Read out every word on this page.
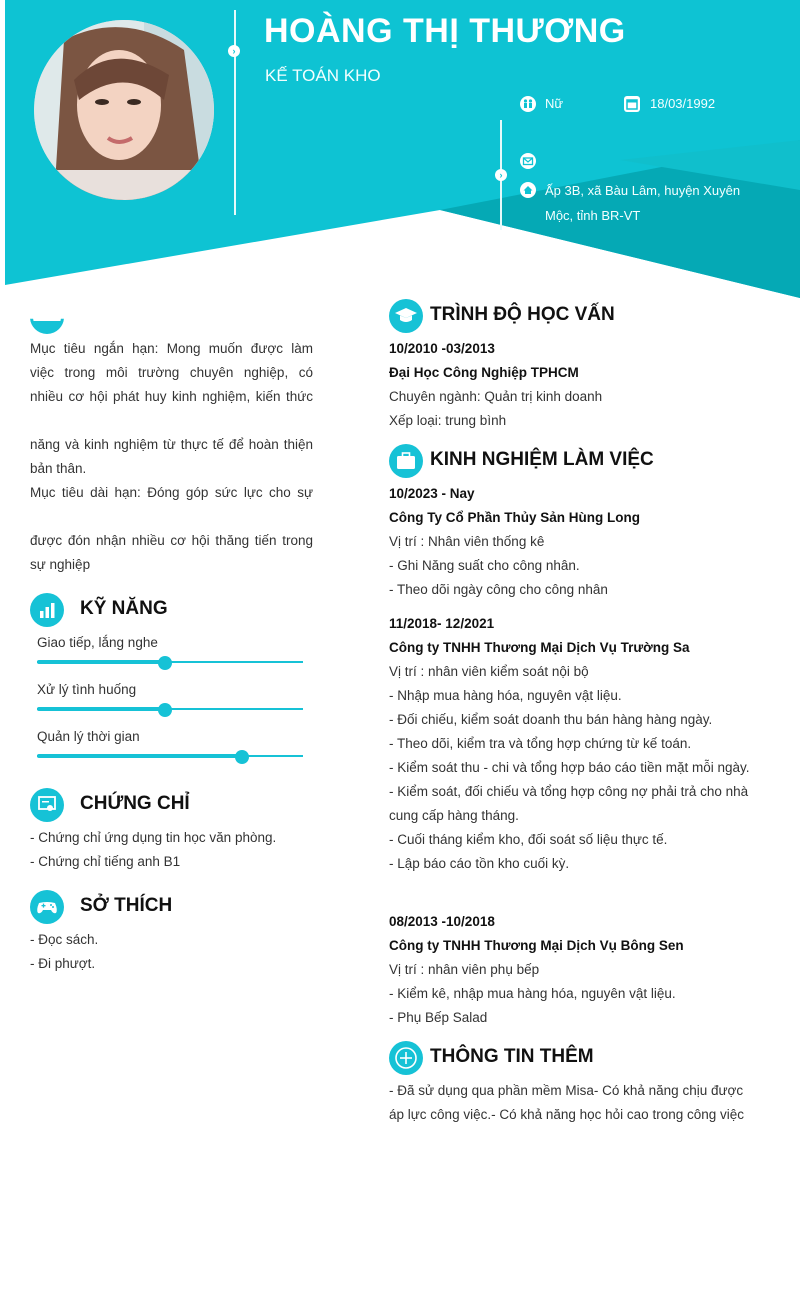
›
›
HOÀNG THỊ THƯƠNG
KẾ TOÁN KHO
Nữ	18/03/1992
Ấp 3B, xã Bàu Lâm, huyện Xuyên
Mộc, tỉnh BR-VT
Mục tiêu ngắn hạn: Mong muốn được làm
việc trong môi trường chuyên nghiệp, có
nhiều cơ hội phát huy kinh nghiệm, kiến thức
năng và kinh nghiệm từ thực tế để hoàn thiện
bản thân.
Mục tiêu dài hạn: Đóng góp sức lực cho sự
được đón nhận nhiều cơ hội thăng tiến trong
sự nghiệp
KỸ NĂNG
Giao tiếp, lắng nghe
Xử lý tình huống
Quản lý thời gian
CHỨNG CHỈ
- Chứng chỉ ứng dụng tin học văn phòng.
- Chứng chỉ tiếng anh B1
SỞ THÍCH
- Đọc sách.
- Đi phượt.
TRÌNH ĐỘ HỌC VẤN
10/2010 -03/2013
Đại Học Công Nghiệp TPHCM
Chuyên ngành: Quản trị kinh doanh
Xếp loại: trung bình
KINH NGHIỆM LÀM VIỆC
10/2023 - Nay
Công Ty Cổ Phần Thủy Sản Hùng Long
Vị trí : Nhân viên thống kê
- Ghi Năng suất cho công nhân.
- Theo dõi ngày công cho công nhân
11/2018- 12/2021
Công ty TNHH Thương Mại Dịch Vụ Trường Sa
Vị trí : nhân viên kiểm soát nội bộ
- Nhập mua hàng hóa, nguyên vật liệu.
- Đối chiếu, kiểm soát doanh thu bán hàng hàng ngày.
- Theo dõi, kiểm tra và tổng hợp chứng từ kế toán.
- Kiểm soát thu - chi và tổng hợp báo cáo tiền mặt mỗi ngày.
- Kiểm soát, đối chiếu và tổng hợp công nợ phải trả cho nhà
cung cấp hàng tháng.
- Cuối tháng kiểm kho, đối soát số liệu thực tế.
- Lập báo cáo tồn kho cuối kỳ.
08/2013 -10/2018
Công ty TNHH Thương Mại Dịch Vụ Bông Sen
Vị trí : nhân viên phụ bếp
- Kiểm kê, nhập mua hàng hóa, nguyên vật liệu.
- Phụ Bếp Salad
THÔNG TIN THÊM
- Đã sử dụng qua phần mềm Misa- Có khả năng chịu được
áp lực công việc.- Có khả năng học hỏi cao trong công việc
